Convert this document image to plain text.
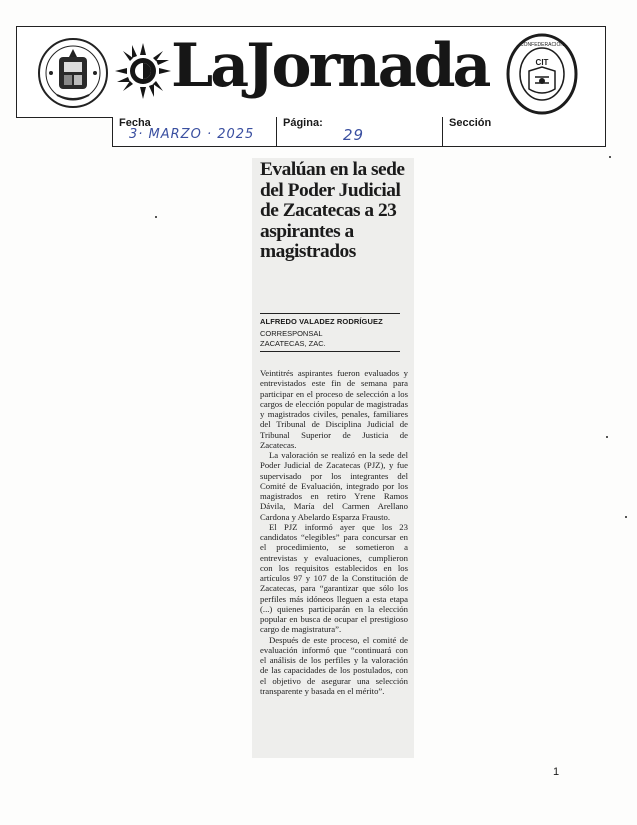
LaJornada	CONFEDERACIÓN
CIT
Fecha
3· MARZO · 2025
Página:
29
Sección
Evalúan en la sede del Poder Judicial de Zacatecas a 23 aspirantes a magistrados
ALFREDO VALADEZ RODRÍGUEZ
CORRESPONSAL
ZACATECAS, ZAC.

Veintitrés aspirantes fueron evaluados y entrevistados este fin de semana para participar en el proceso de selección a los cargos de elección popular de magistradas y magistrados civiles, penales, familiares del Tribunal de Disciplina Judicial de Tribunal Superior de Justicia de Zacatecas.

La valoración se realizó en la sede del Poder Judicial de Zacatecas (PJZ), y fue supervisado por los integrantes del Comité de Evaluación, integrado por los magistrados en retiro Yrene Ramos Dávila, María del Carmen Arellano Cardona y Abelardo Esparza Frausto.

El PJZ informó ayer que los 23 candidatos “elegibles” para concursar en el procedimiento, se sometieron a entrevistas y evaluaciones, cumplieron con los requisitos establecidos en los artículos 97 y 107 de la Constitución de Zacatecas, para “garantizar que sólo los perfiles más idóneos lleguen a esta etapa (...) quienes participarán en la elección popular en busca de ocupar el prestigioso cargo de magistratura”.

Después de este proceso, el comité de evaluación informó que “continuará con el análisis de los perfiles y la valoración de las capacidades de los postulados, con el objetivo de asegurar una selección transparente y basada en el mérito”.

1
